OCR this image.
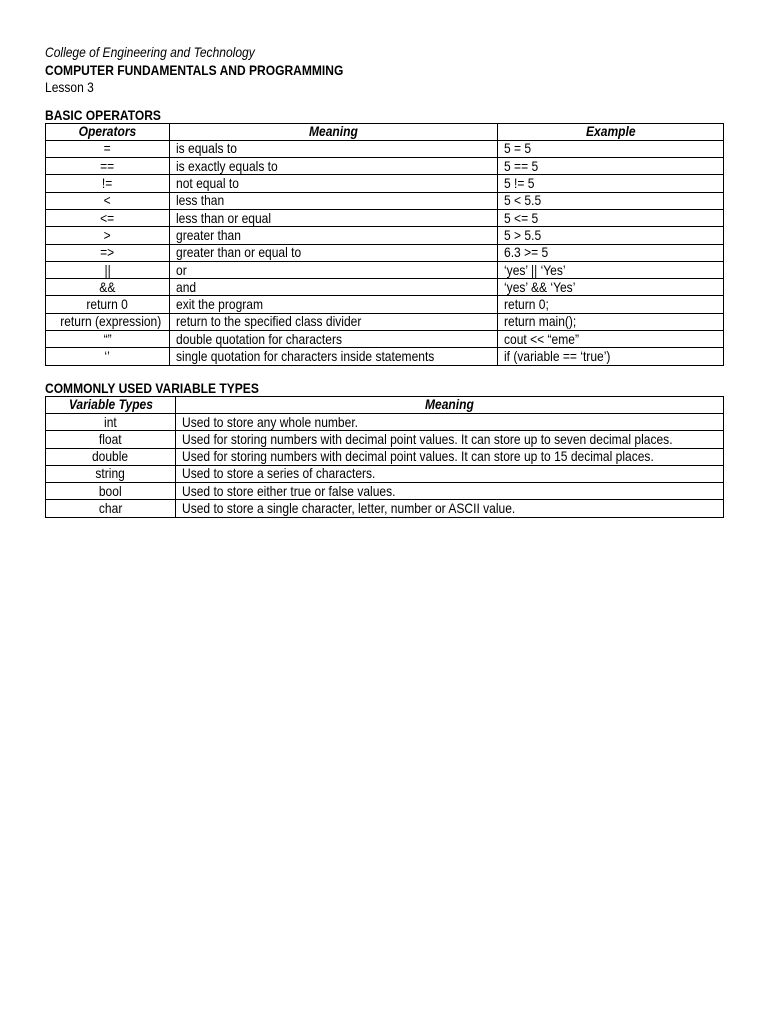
College of Engineering and Technology
COMPUTER FUNDAMENTALS AND PROGRAMMING
Lesson 3
BASIC OPERATORS
Operators	Meaning	Example
=	is equals to	5 = 5
==	is exactly equals to	5 == 5
!=	not equal to	5 != 5
<	less than	5 < 5.5
<=	less than or equal	5 <= 5
>	greater than	5 > 5.5
=>	greater than or equal to	6.3 >= 5
||	or	‘yes’ || ‘Yes’
&&	and	‘yes’ && ‘Yes’
return 0	exit the program	return 0;
return (expression)	return to the specified class divider	return main();
“”	double quotation for characters	cout << “eme”
‘’	single quotation for characters inside statements	if (variable == ‘true’)
COMMONLY USED VARIABLE TYPES
Variable Types	Meaning
int	Used to store any whole number.
float	Used for storing numbers with decimal point values. It can store up to seven decimal places.
double	Used for storing numbers with decimal point values. It can store up to 15 decimal places.
string	Used to store a series of characters.
bool	Used to store either true or false values.
char	Used to store a single character, letter, number or ASCII value.
